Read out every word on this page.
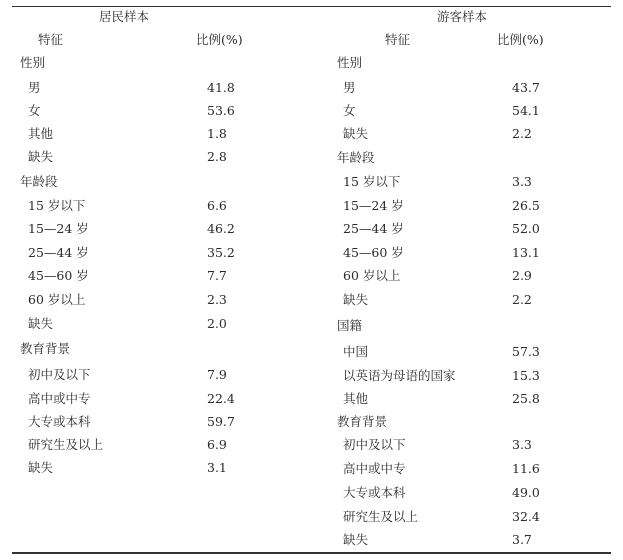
居民样本
特征	比例(%)
性别
男	41.8
女	53.6
其他	1.8
缺失	2.8
年龄段
15 岁以下	6.6
15—24 岁	46.2
25—44 岁	35.2
45—60 岁	7.7
60 岁以上	2.3
缺失	2.0
教育背景
初中及以下	7.9
高中或中专	22.4
大专或本科	59.7
研究生及以上	6.9
缺失	3.1
游客样本
特征	比例(%)
性别
男	43.7
女	54.1
缺失	2.2
年龄段
15 岁以下	3.3
15—24 岁	26.5
25—44 岁	52.0
45—60 岁	13.1
60 岁以上	2.9
缺失	2.2
国籍
中国	57.3
以英语为母语的国家	15.3
其他	25.8
教育背景
初中及以下	3.3
高中或中专	11.6
大专或本科	49.0
研究生及以上	32.4
缺失	3.7
